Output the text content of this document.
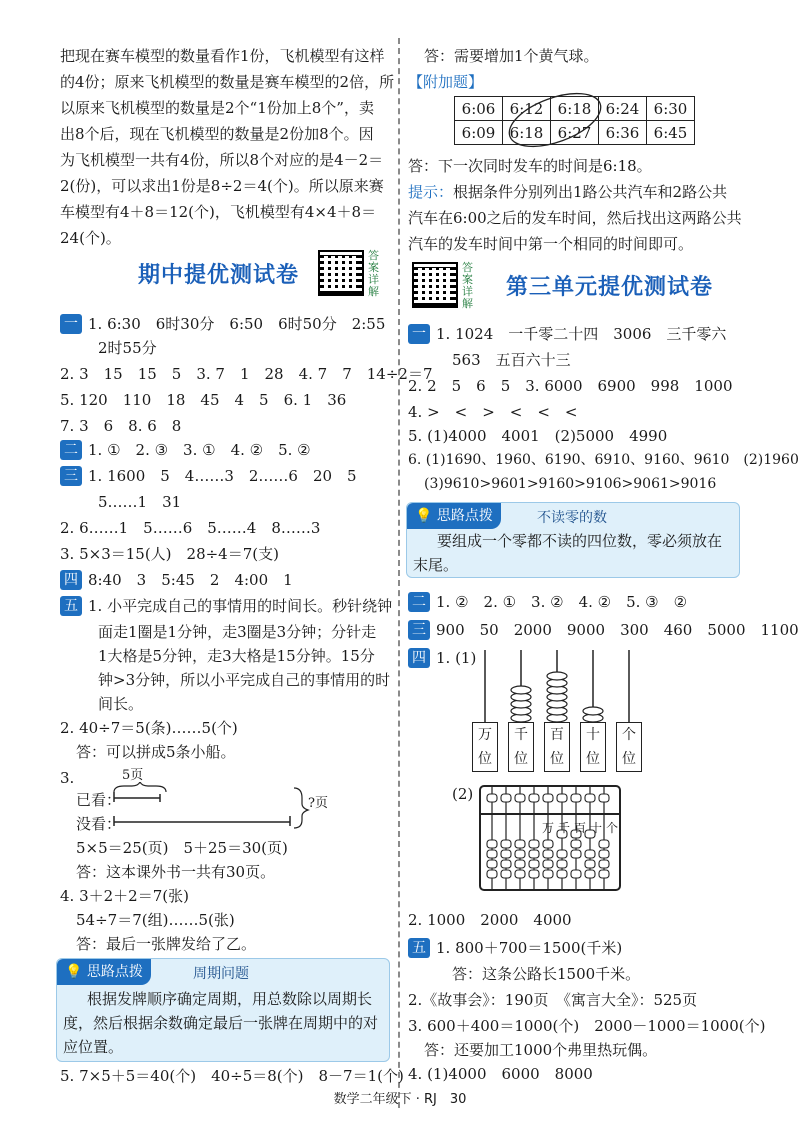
把现在赛车模型的数量看作1份，飞机模型有这样
的4份；原来飞机模型的数量是赛车模型的2倍，所
以原来飞机模型的数量是2个“1份加上8个”，卖
出8个后，现在飞机模型的数量是2份加8个。因
为飞机模型一共有4份，所以8个对应的是4－2＝
2(份)，可以求出1份是8÷2＝4(个)。所以原来赛
车模型有4＋8＝12(个)，飞机模型有4×4＋8＝
24(个)。
期中提优测试卷
答案详解
一 1. 6:30　6时30分　6:50　6时50分　2:55
2时55分
2. 3　15　15　5　3. 7　1　28　4. 7　7　14÷2＝7
5. 120　110　18　45　4　5　6. 1　36
7. 3　6　8. 6　8
二 1. ①　2. ③　3. ①　4. ②　5. ②
三 1. 1600　5　4……3　2……6　20　5
5……1　31
2. 6……1　5……6　5……4　8……3
3. 5×3＝15(人)　28÷4＝7(支)
四 8:40　3　5:45　2　4:00　1
五 1. 小平完成自己的事情用的时间长。秒针绕钟
面走1圈是1分钟，走3圈是3分钟；分针走
1大格是5分钟，走3大格是15分钟。15分
钟>3分钟，所以小平完成自己的事情用的时
间长。
2. 40÷7＝5(条)……5(个)
答：可以拼成5条小船。
3.	5页
已看：
没看：
?页
5×5＝25(页)　5＋25＝30(页)
答：这本课外书一共有30页。
4. 3＋2＋2＝7(张)
54÷7＝7(组)……5(张)
答：最后一张牌发给了乙。
💡 思路点拨	周期问题
根据发牌顺序确定周期，用总数除以周期长
度，然后根据余数确定最后一张牌在周期中的对
应位置。
5. 7×5＋5＝40(个)　40÷5＝8(个)　8－7＝1(个)
答：需要增加1个黄气球。
【附加题】
6:06	6:12	6:18	6:24	6:30
6:09	6:18	6:27	6:36	6:45
答：下一次同时发车的时间是6:18。
提示：根据条件分别列出1路公共汽车和2路公共
汽车在6:00之后的发车时间，然后找出这两路公共
汽车的发车时间中第一个相同的时间即可。
答案详解
第三单元提优测试卷
一 1. 1024　一千零二十四　3006　三千零六
563　五百六十三
2. 2　5　6　5　3. 6000　6900　998　1000
4. >　<　>　<　<　<
5. (1)4000　4001　(2)5000　4990
6. (1)1690、1960、6190、6910、9160、9610　(2)1960
(3)9610>9601>9160>9106>9061>9016
💡 思路点拨	不读零的数
要组成一个零都不读的四位数，零必须放在
末尾。
二 1. ②　2. ①　3. ②　4. ②　5. ③　②
三 900　50　2000　9000　300　460　5000　1100
四 1. (1)
万位
千位
百位
十位
个位
(2)
万千百十个
2. 1000　2000　4000
五 1. 800＋700＝1500(千米)
答：这条公路长1500千米。
2.《故事会》：190页　《寓言大全》：525页
3. 600＋400＝1000(个)　2000－1000＝1000(个)
答：还要加工1000个弗里热玩偶。
4. (1)4000　6000　8000
数学二年级下 · RJ　30
